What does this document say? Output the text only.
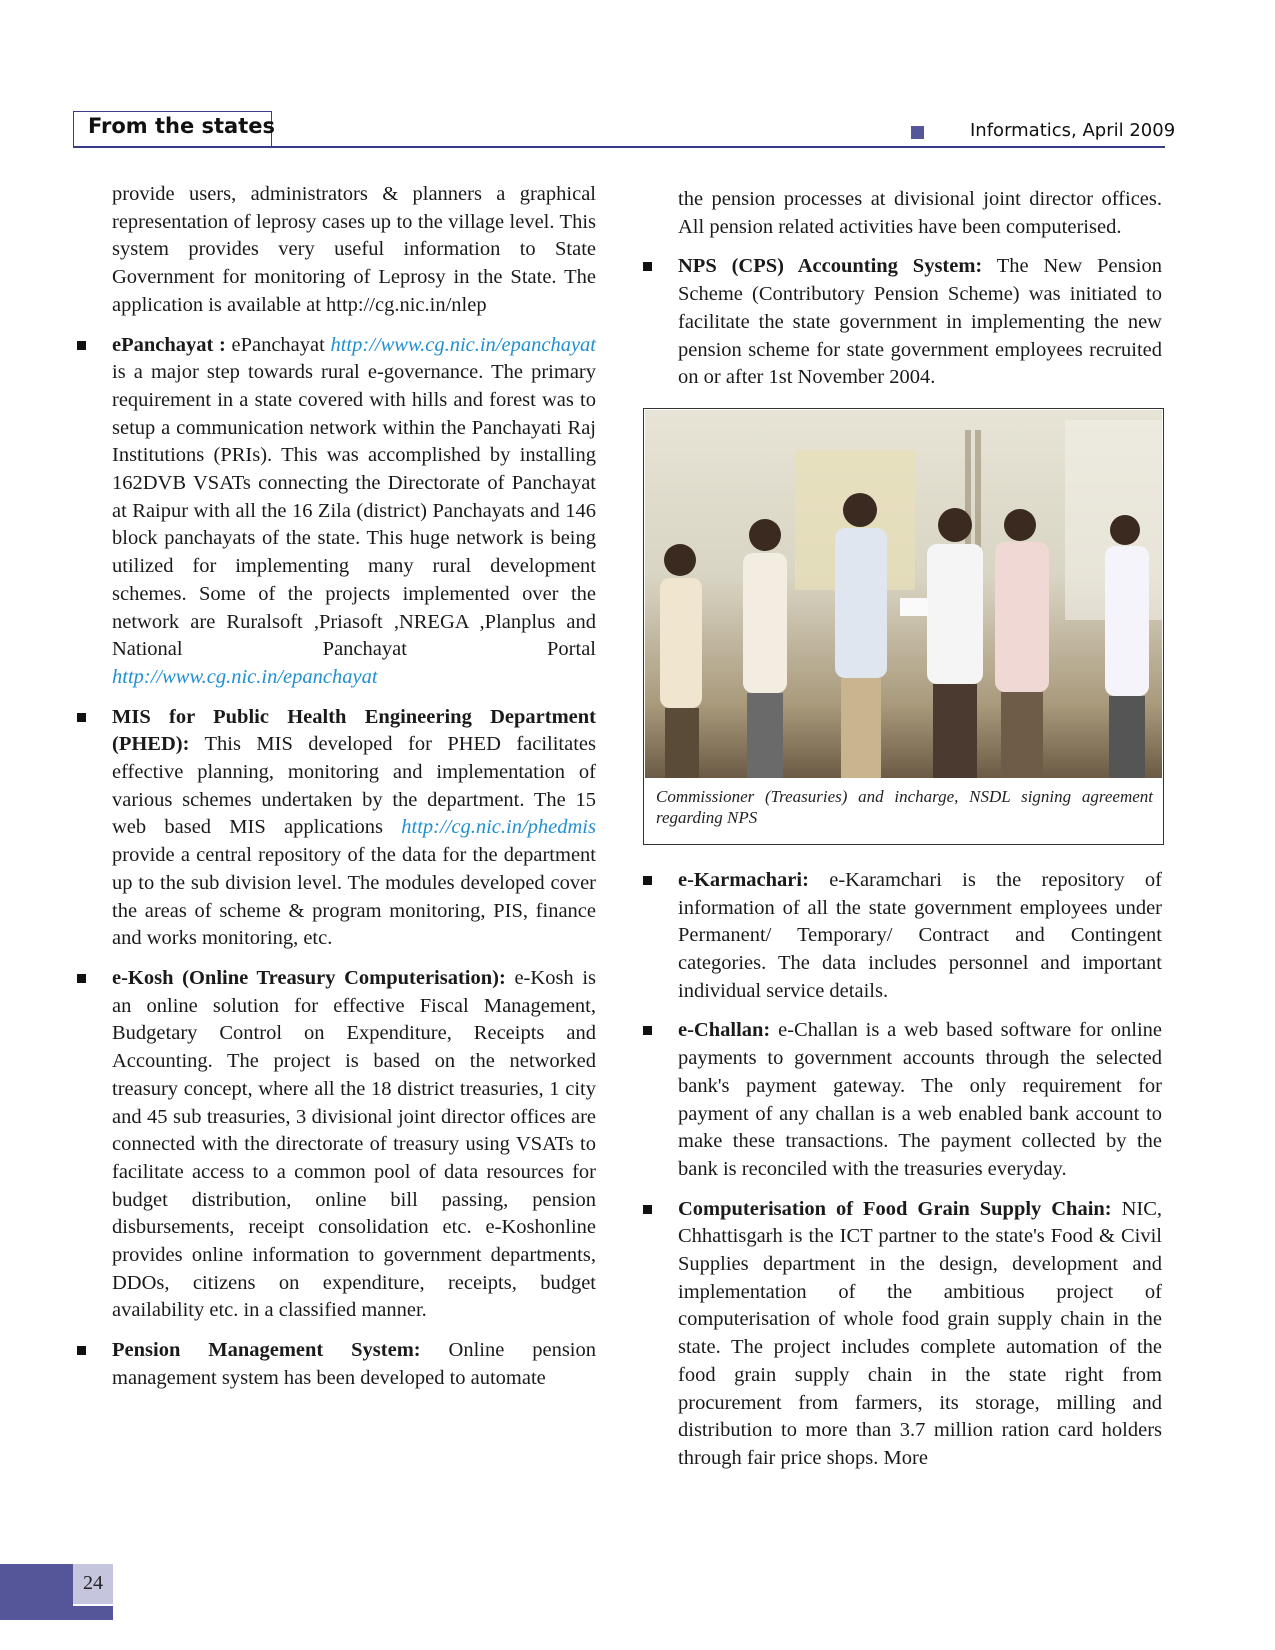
From the states	Informatics, April 2009

provide users, administrators & planners a graphical representation of leprosy cases up to the village level. This system provides very useful information to State Government for monitoring of Leprosy in the State. The application is available at http://cg.nic.in/nlep

ePanchayat : ePanchayat http://www.cg.nic.in/epanchayat is a major step towards rural e-governance. The primary requirement in a state covered with hills and forest was to setup a communication network within the Panchayati Raj Institutions (PRIs). This was accomplished by installing 162DVB VSATs connecting the Directorate of Panchayat at Raipur with all the 16 Zila (district) Panchayats and 146 block panchayats of the state. This huge network is being utilized for implementing many rural development schemes. Some of the projects implemented over the network are Ruralsoft ,Priasoft ,NREGA ,Planplus and National Panchayat Portal http://www.cg.nic.in/epanchayat
MIS for Public Health Engineering Department (PHED): This MIS developed for PHED facilitates effective planning, monitoring and implementation of various schemes undertaken by the department. The 15 web based MIS applications http://cg.nic.in/phedmis provide a central repository of the data for the department up to the sub division level. The modules developed cover the areas of scheme & program monitoring, PIS, finance and works monitoring, etc.
e-Kosh (Online Treasury Computerisation): e-Kosh is an online solution for effective Fiscal Management, Budgetary Control on Expenditure, Receipts and Accounting. The project is based on the networked treasury concept, where all the 18 district treasuries, 1 city and 45 sub treasuries, 3 divisional joint director offices are connected with the directorate of treasury using VSATs to facilitate access to a common pool of data resources for budget distribution, online bill passing, pension disbursements, receipt consolidation etc. e-Koshonline provides online information to government departments, DDOs, citizens on expenditure, receipts, budget availability etc. in a classified manner.
Pension Management System: Online pension management system has been developed to automate

the pension processes at divisional joint director offices. All pension related activities have been computerised.

NPS (CPS) Accounting System: The New Pension Scheme (Contributory Pension Scheme) was initiated to facilitate the state government in implementing the new pension scheme for state government employees recruited on or after 1st November 2004.
Commissioner (Treasuries) and incharge, NSDL signing agreement regarding NPS
e-Karmachari: e-Karamchari is the repository of information of all the state government employees under Permanent/ Temporary/ Contract and Contingent categories. The data includes personnel and important individual service details.
e-Challan: e-Challan is a web based software for online payments to government accounts through the selected bank's payment gateway. The only requirement for payment of any challan is a web enabled bank account to make these transactions. The payment collected by the bank is reconciled with the treasuries everyday.
Computerisation of Food Grain Supply Chain: NIC, Chhattisgarh is the ICT partner to the state's Food & Civil Supplies department in the design, development and implementation of the ambitious project of computerisation of whole food grain supply chain in the state. The project includes complete automation of the food grain supply chain in the state right from procurement from farmers, its storage, milling and distribution to more than 3.7 million ration card holders through fair price shops. More
24
